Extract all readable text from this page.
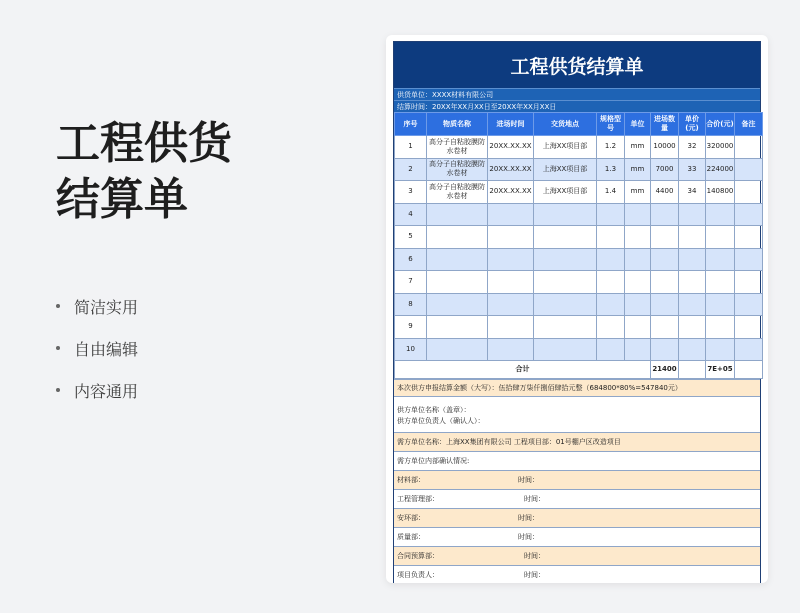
工程供货
结算单
简洁实用
自由编辑
内容通用
工程供货结算单
供货单位：XXXX材料有限公司
结算时间：20XX年XX月XX日至20XX年XX月XX日
序号	物质名称	进场时间	交货地点	规格型号	单位	进场数量	单价(元)	合价(元)	备注
1	高分子自粘胶膜防水卷材	20XX.XX.XX	上海XX项目部	1.2	mm	10000	32	320000	
2	高分子自粘胶膜防水卷材	20XX.XX.XX	上海XX项目部	1.3	mm	7000	33	224000	
3	高分子自粘胶膜防水卷材	20XX.XX.XX	上海XX项目部	1.4	mm	4400	34	140800	
4									
5									
6									
7									
8									
9									
10									
合计						21400		7E+05	
本次供方申报结算金额（大写）：伍拾肆万柒仟捌佰肆拾元整（684800*80%=547840元）
供方单位名称（盖章）：
供方单位负责人（确认人）：
需方单位名称：上海XX集团有限公司 工程项目部：01号棚户区改造项目
需方单位内部确认情况:
材料部：	时间：
工程管理部：	时间：
安环部：	时间：
质量部：	时间：
合同预算部：	时间：
项目负责人：	时间：
